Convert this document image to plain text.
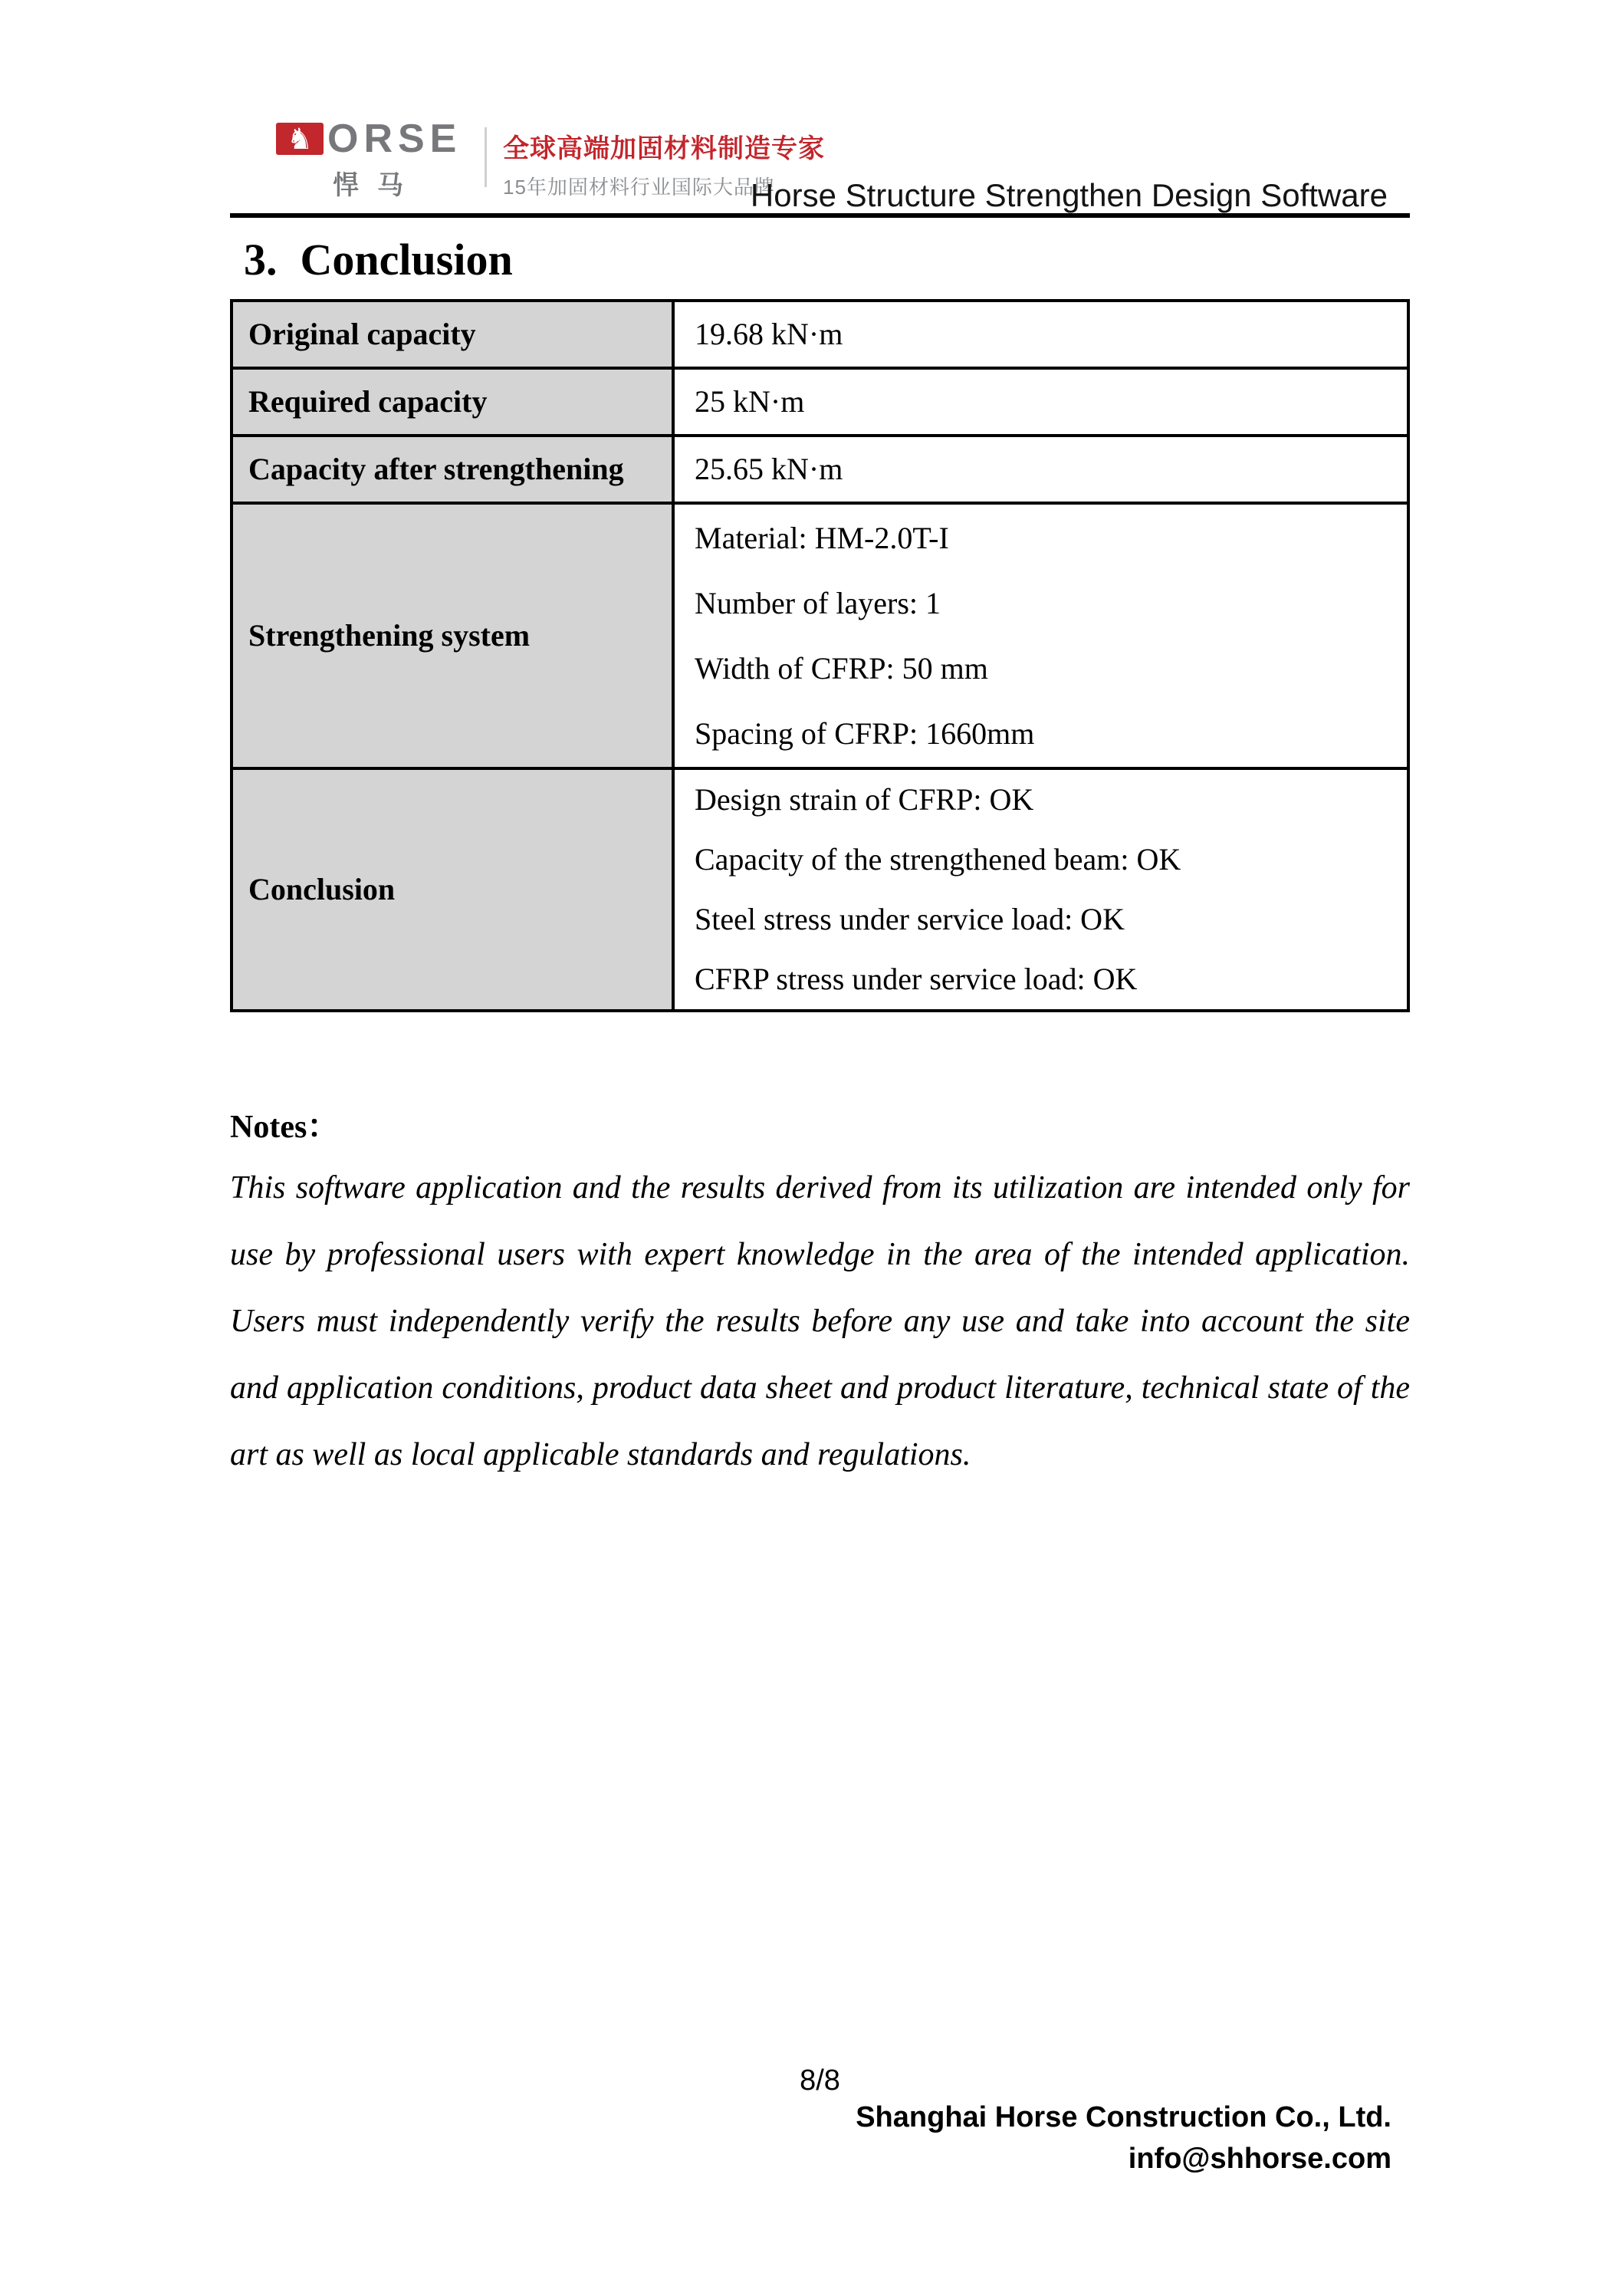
♞ ORSE
悍马
全球高端加固材料制造专家
15年加固材料行业国际大品牌
Horse Structure Strengthen Design Software
3. Conclusion
Original capacity	19.68 kN·m
Required capacity	25 kN·m
Capacity after strengthening	25.65 kN·m
Strengthening system	Material: HM-2.0T-I
Number of layers: 1
Width of CFRP: 50 mm
Spacing of CFRP: 1660mm

Conclusion	Design strain of CFRP: OK
Capacity of the strengthened beam: OK
Steel stress under service load: OK
CFRP stress under service load: OK
Notes：
This software application and the results derived from its utilization are intended only for use by professional users with expert knowledge in the area of the intended application. Users must independently verify the results before any use and take into account the site and application conditions, product data sheet and product literature, technical state of the art as well as local applicable standards and regulations.
8/8
Shanghai Horse Construction Co., Ltd.
info@shhorse.com
